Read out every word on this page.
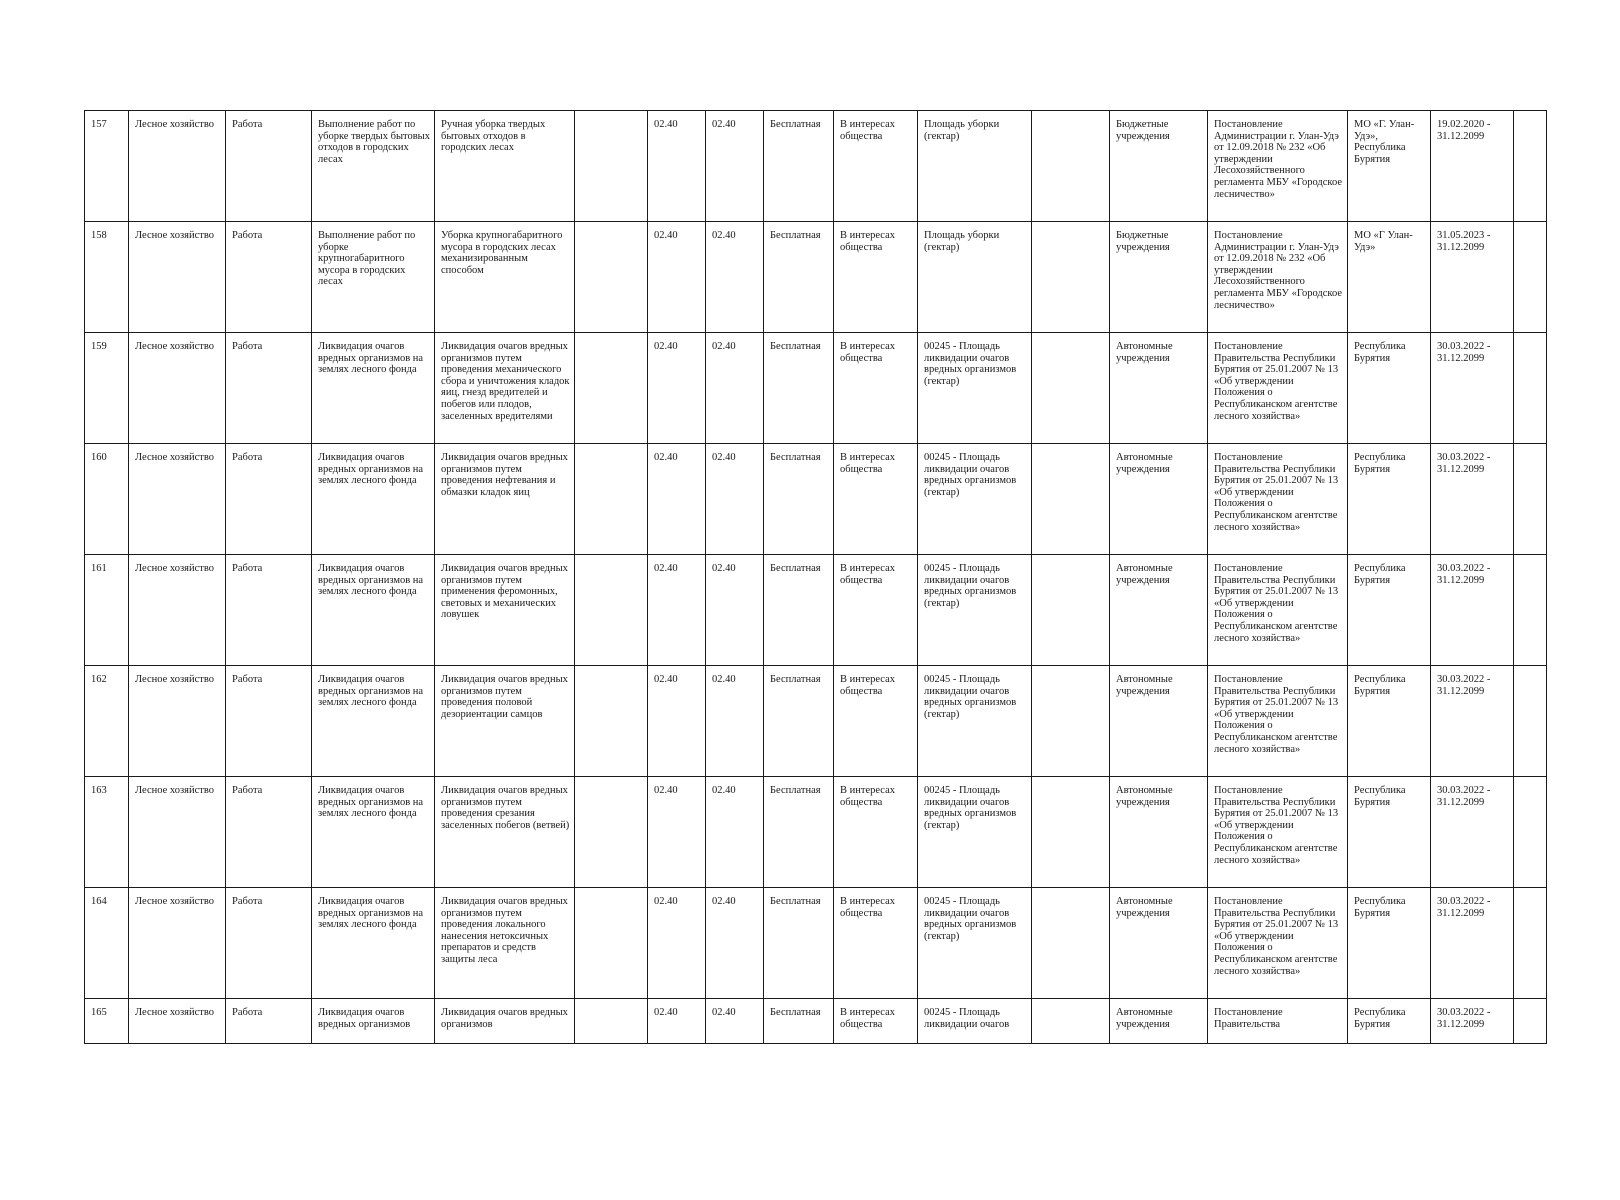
157	Лесное хозяйство	Работа	Выполнение работ по уборке твердых бытовых отходов в городских лесах	Ручная уборка твердых бытовых отходов в городских лесах		02.40	02.40	Бесплатная	В интересах общества	Площадь уборки (гектар)		Бюджетные учреждения	Постановление Администрации г. Улан-Удэ от 12.09.2018 № 232 «Об утверждении Лесохозяйственного регламента МБУ «Городское лесничество»	МО «Г. Улан-Удэ», Республика Бурятия	19.02.2020 - 31.12.2099	
158	Лесное хозяйство	Работа	Выполнение работ по уборке крупногабаритного мусора в городских лесах	Уборка крупногабаритного мусора в городских лесах механизированным способом		02.40	02.40	Бесплатная	В интересах общества	Площадь уборки (гектар)		Бюджетные учреждения	Постановление Администрации г. Улан-Удэ от 12.09.2018 № 232 «Об утверждении Лесохозяйственного регламента МБУ «Городское лесничество»	МО «Г Улан-Удэ»	31.05.2023 - 31.12.2099	
159	Лесное хозяйство	Работа	Ликвидация очагов вредных организмов на землях лесного фонда	Ликвидация очагов вредных организмов путем проведения механического сбора и уничтожения кладок яиц, гнезд вредителей и побегов или плодов, заселенных вредителями		02.40	02.40	Бесплатная	В интересах общества	00245 - Площадь ликвидации очагов вредных организмов (гектар)		Автономные учреждения	Постановление Правительства Республики Бурятия от 25.01.2007 № 13 «Об утверждении Положения о Республиканском агентстве лесного хозяйства»	Республика Бурятия	30.03.2022 - 31.12.2099	
160	Лесное хозяйство	Работа	Ликвидация очагов вредных организмов на землях лесного фонда	Ликвидация очагов вредных организмов путем проведения нефтевания и обмазки кладок яиц		02.40	02.40	Бесплатная	В интересах общества	00245 - Площадь ликвидации очагов вредных организмов (гектар)		Автономные учреждения	Постановление Правительства Республики Бурятия от 25.01.2007 № 13 «Об утверждении Положения о Республиканском агентстве лесного хозяйства»	Республика Бурятия	30.03.2022 - 31.12.2099	
161	Лесное хозяйство	Работа	Ликвидация очагов вредных организмов на землях лесного фонда	Ликвидация очагов вредных организмов путем применения феромонных, световых и механических ловушек		02.40	02.40	Бесплатная	В интересах общества	00245 - Площадь ликвидации очагов вредных организмов (гектар)		Автономные учреждения	Постановление Правительства Республики Бурятия от 25.01.2007 № 13 «Об утверждении Положения о Республиканском агентстве лесного хозяйства»	Республика Бурятия	30.03.2022 - 31.12.2099	
162	Лесное хозяйство	Работа	Ликвидация очагов вредных организмов на землях лесного фонда	Ликвидация очагов вредных организмов путем проведения половой дезориентации самцов		02.40	02.40	Бесплатная	В интересах общества	00245 - Площадь ликвидации очагов вредных организмов (гектар)		Автономные учреждения	Постановление Правительства Республики Бурятия от 25.01.2007 № 13 «Об утверждении Положения о Республиканском агентстве лесного хозяйства»	Республика Бурятия	30.03.2022 - 31.12.2099	
163	Лесное хозяйство	Работа	Ликвидация очагов вредных организмов на землях лесного фонда	Ликвидация очагов вредных организмов путем проведения срезания заселенных побегов (ветвей)		02.40	02.40	Бесплатная	В интересах общества	00245 - Площадь ликвидации очагов вредных организмов (гектар)		Автономные учреждения	Постановление Правительства Республики Бурятия от 25.01.2007 № 13 «Об утверждении Положения о Республиканском агентстве лесного хозяйства»	Республика Бурятия	30.03.2022 - 31.12.2099	
164	Лесное хозяйство	Работа	Ликвидация очагов вредных организмов на землях лесного фонда	Ликвидация очагов вредных организмов путем проведения локального нанесения нетоксичных препаратов и средств защиты леса		02.40	02.40	Бесплатная	В интересах общества	00245 - Площадь ликвидации очагов вредных организмов (гектар)		Автономные учреждения	Постановление Правительства Республики Бурятия от 25.01.2007 № 13 «Об утверждении Положения о Республиканском агентстве лесного хозяйства»	Республика Бурятия	30.03.2022 - 31.12.2099	
165	Лесное хозяйство	Работа	Ликвидация очагов вредных организмов	Ликвидация очагов вредных организмов		02.40	02.40	Бесплатная	В интересах общества	00245 - Площадь ликвидации очагов		Автономные учреждения	Постановление Правительства	Республика Бурятия	30.03.2022 - 31.12.2099	
